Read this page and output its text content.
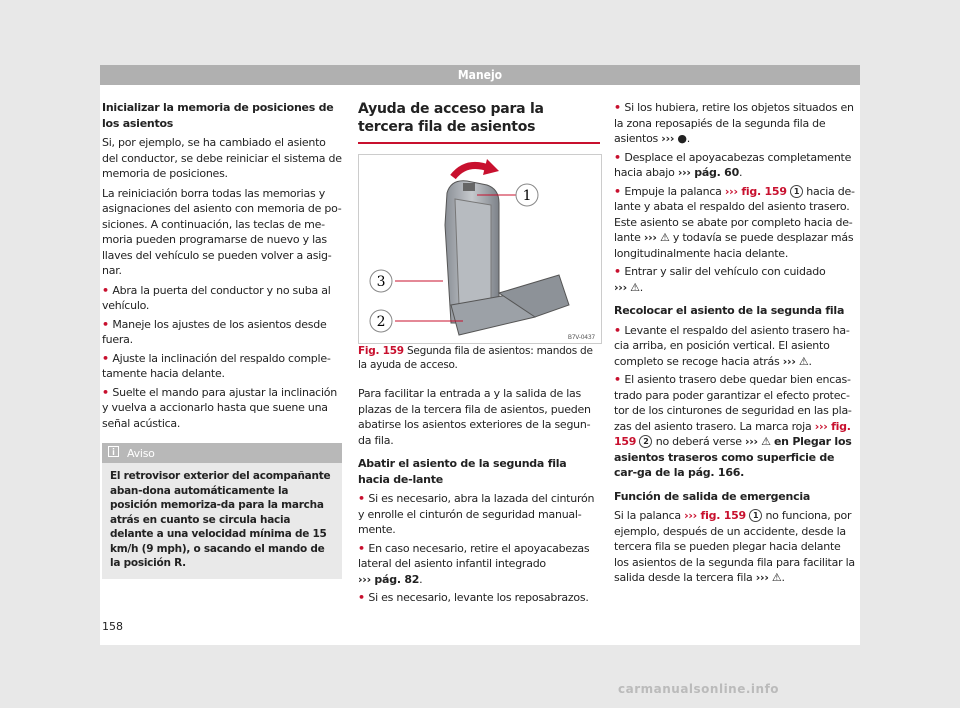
Manejo

Inicializar la memoria de posiciones de los asientos

Si, por ejemplo, se ha cambiado el asiento del conductor, se debe reiniciar el sistema de memoria de posiciones.

La reiniciación borra todas las memorias y asignaciones del asiento con memoria de po-siciones. A continuación, las teclas de me-moria pueden programarse de nuevo y las llaves del vehículo se pueden volver a asig-nar.

• Abra la puerta del conductor y no suba al vehículo.

• Maneje los ajustes de los asientos desde fuera.

• Ajuste la inclinación del respaldo comple-tamente hacia delante.

• Suelte el mando para ajustar la inclinación y vuelva a accionarlo hasta que suene una señal acústica.

Aviso
El retrovisor exterior del acompañante aban-dona automáticamente la posición memoriza-da para la marcha atrás en cuanto se circula hacia delante a una velocidad mínima de 15 km/h (9 mph), o sacando el mando de la posición R.
Ayuda de acceso para la tercera fila de asientos
1
3
2
B7V-0437

Fig. 159 Segunda fila de asientos: mandos de la ayuda de acceso.

Para facilitar la entrada a y la salida de las plazas de la tercera fila de asientos, pueden abatirse los asientos exteriores de la segun-da fila.

Abatir el asiento de la segunda fila hacia de-lante

• Si es necesario, abra la lazada del cinturón y enrolle el cinturón de seguridad manual-mente.

• En caso necesario, retire el apoyacabezas lateral del asiento infantil integrado
››› pág. 82.

• Si es necesario, levante los reposabrazos.

• Si los hubiera, retire los objetos situados en la zona reposapiés de la segunda fila de asientos ››› ●.

• Desplace el apoyacabezas completamente hacia abajo ››› pág. 60.

• Empuje la palanca ››› fig. 159 1 hacia de-lante y abata el respaldo del asiento trasero. Este asiento se abate por completo hacia de-lante ››› ⚠ y todavía se puede desplazar más longitudinalmente hacia delante.

• Entrar y salir del vehículo con cuidado
››› ⚠.

Recolocar el asiento de la segunda fila

• Levante el respaldo del asiento trasero ha-cia arriba, en posición vertical. El asiento completo se recoge hacia atrás ››› ⚠.

• El asiento trasero debe quedar bien encas-trado para poder garantizar el efecto protec-tor de los cinturones de seguridad en las pla-zas del asiento trasero. La marca roja ››› fig. 159 2 no deberá verse ››› ⚠ en Plegar los asientos traseros como superficie de car-ga de la pág. 166.

Función de salida de emergencia

Si la palanca ››› fig. 159 1 no funciona, por ejemplo, después de un accidente, desde la tercera fila se pueden plegar hacia delante los asientos de la segunda fila para facilitar la salida desde la tercera fila ››› ⚠.

158
carmanualsonline.info
